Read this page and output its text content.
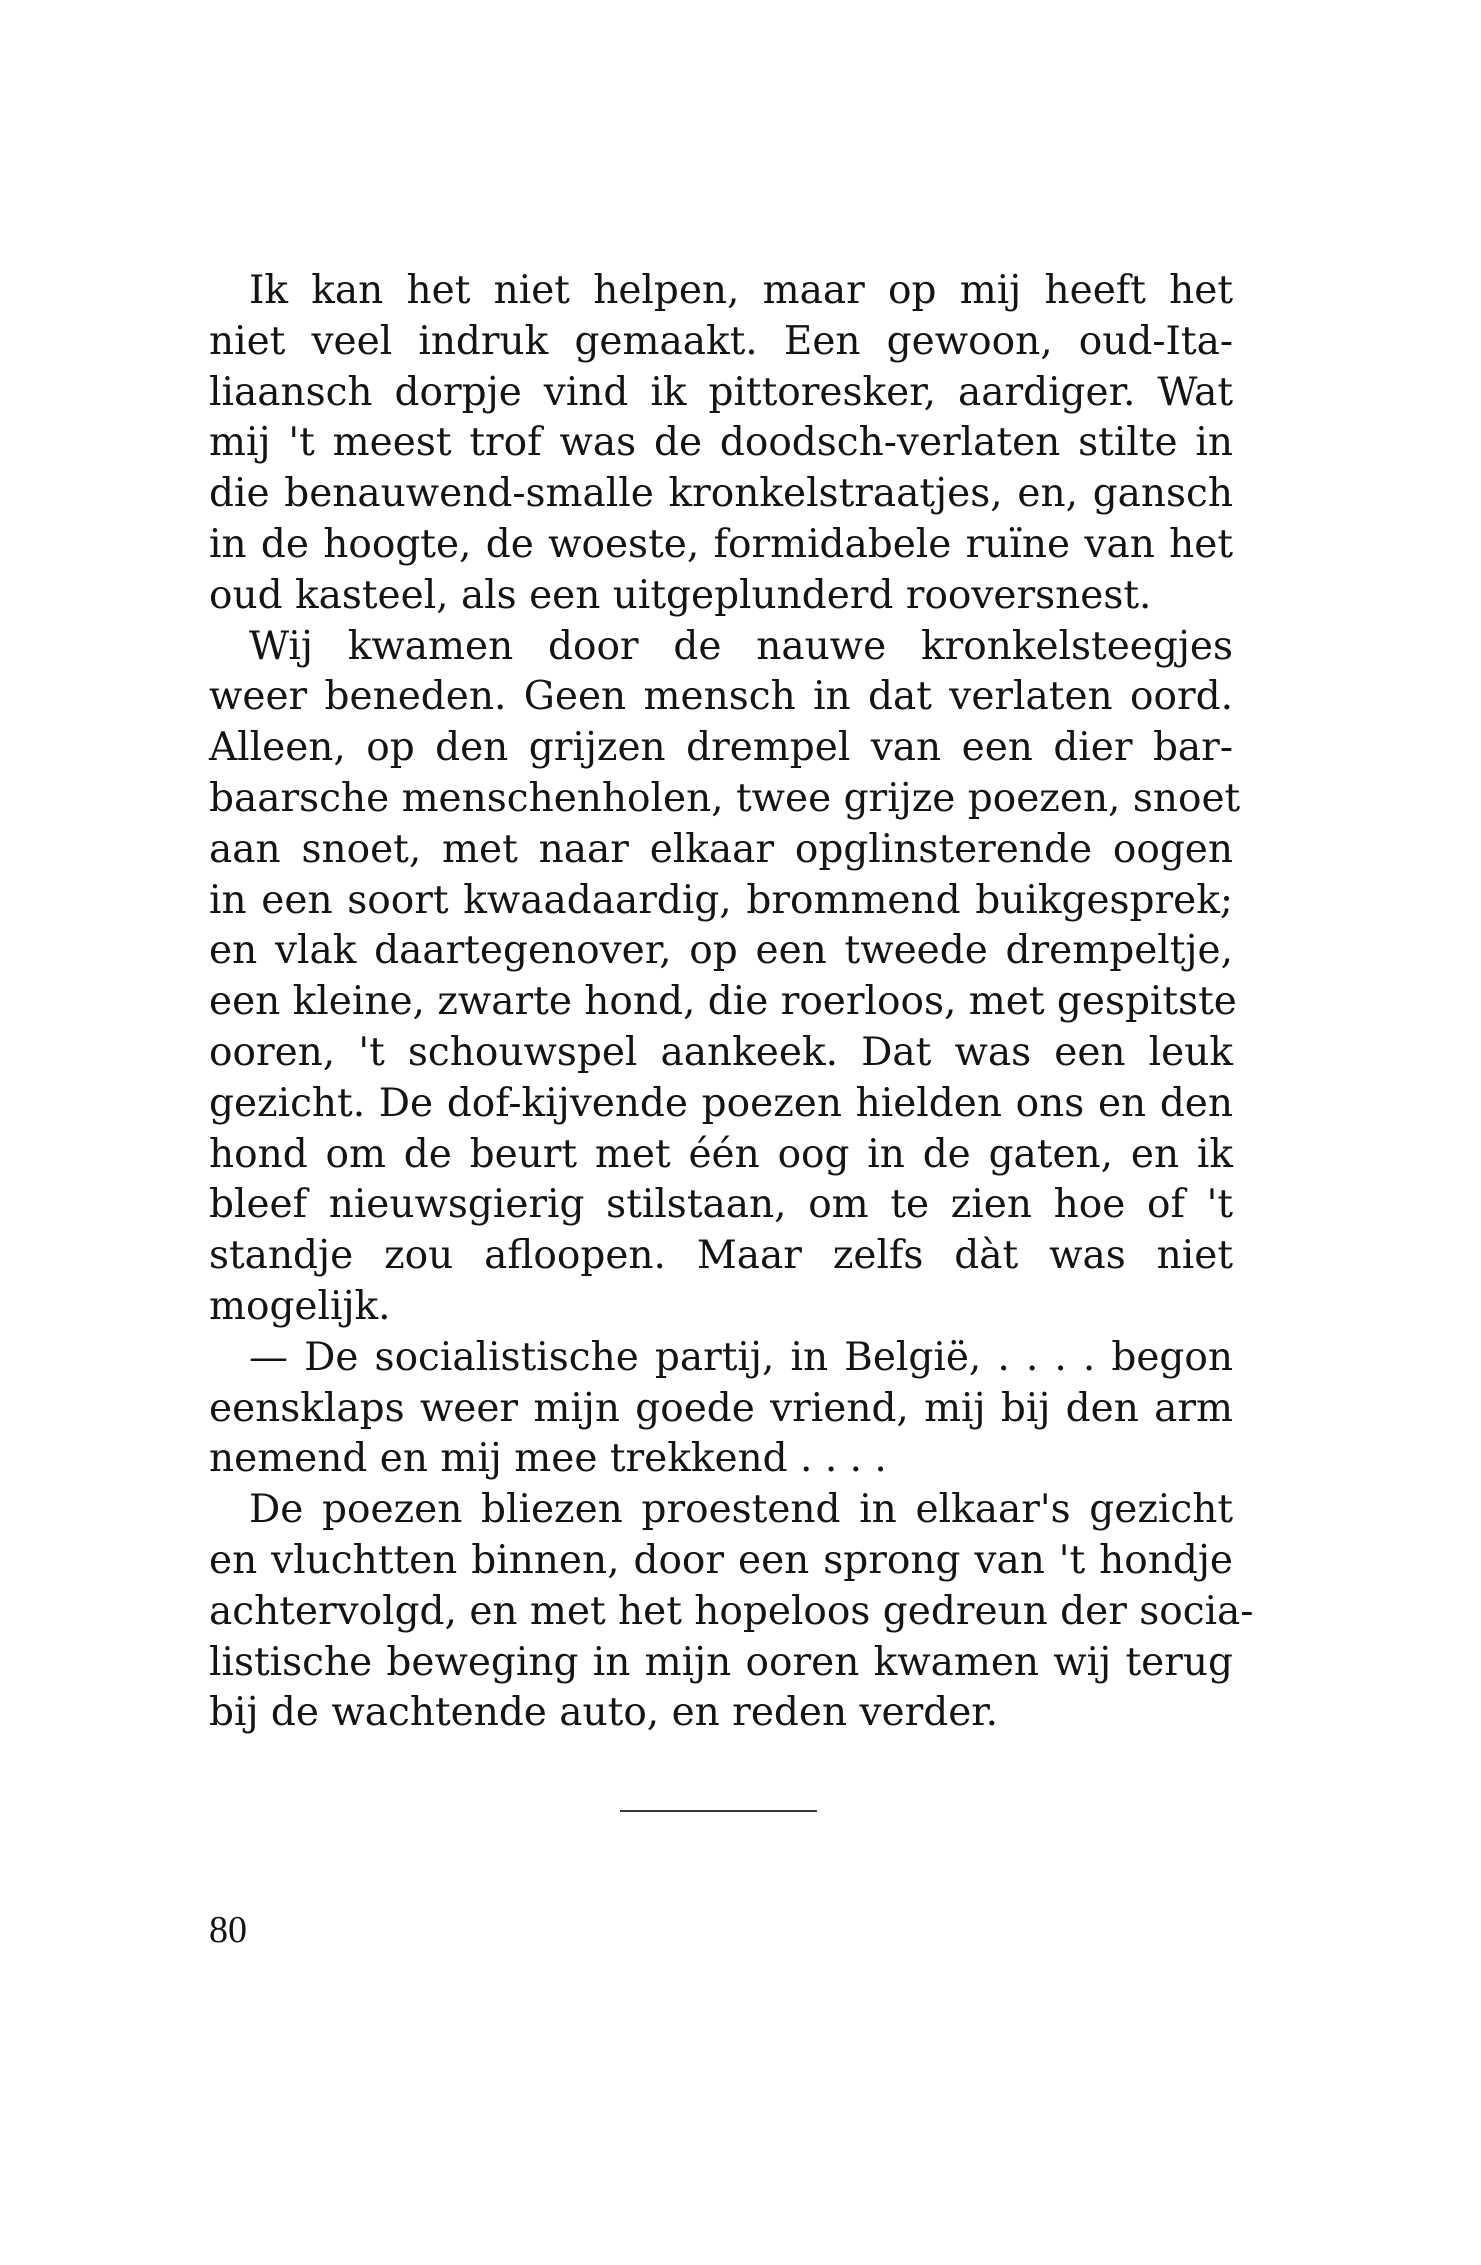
Ik kan het niet helpen, maar op mij heeft het
niet veel indruk gemaakt. Een gewoon, oud-Ita-
liaansch dorpje vind ik pittoresker, aardiger. Wat
mij 't meest trof was de doodsch-verlaten stilte in
die benauwend-smalle kronkelstraatjes, en, gansch
in de hoogte, de woeste, formidabele ruïne van het
oud kasteel, als een uitgeplunderd rooversnest.
Wij kwamen door de nauwe kronkelsteegjes
weer beneden. Geen mensch in dat verlaten oord.
Alleen, op den grijzen drempel van een dier bar-
baarsche menschenholen, twee grijze poezen, snoet
aan snoet, met naar elkaar opglinsterende oogen
in een soort kwaadaardig, brommend buikgesprek;
en vlak daartegenover, op een tweede drempeltje,
een kleine, zwarte hond, die roerloos, met gespitste
ooren, 't schouwspel aankeek. Dat was een leuk
gezicht. De dof-kijvende poezen hielden ons en den
hond om de beurt met één oog in de gaten, en ik
bleef nieuwsgierig stilstaan, om te zien hoe of 't
standje zou afloopen. Maar zelfs dàt was niet
mogelijk.
— De socialistische partij, in België, . . . . begon
eensklaps weer mijn goede vriend, mij bij den arm
nemend en mij mee trekkend . . . .
De poezen bliezen proestend in elkaar's gezicht
en vluchtten binnen, door een sprong van 't hondje
achtervolgd, en met het hopeloos gedreun der socia-
listische beweging in mijn ooren kwamen wij terug
bij de wachtende auto, en reden verder.
80
